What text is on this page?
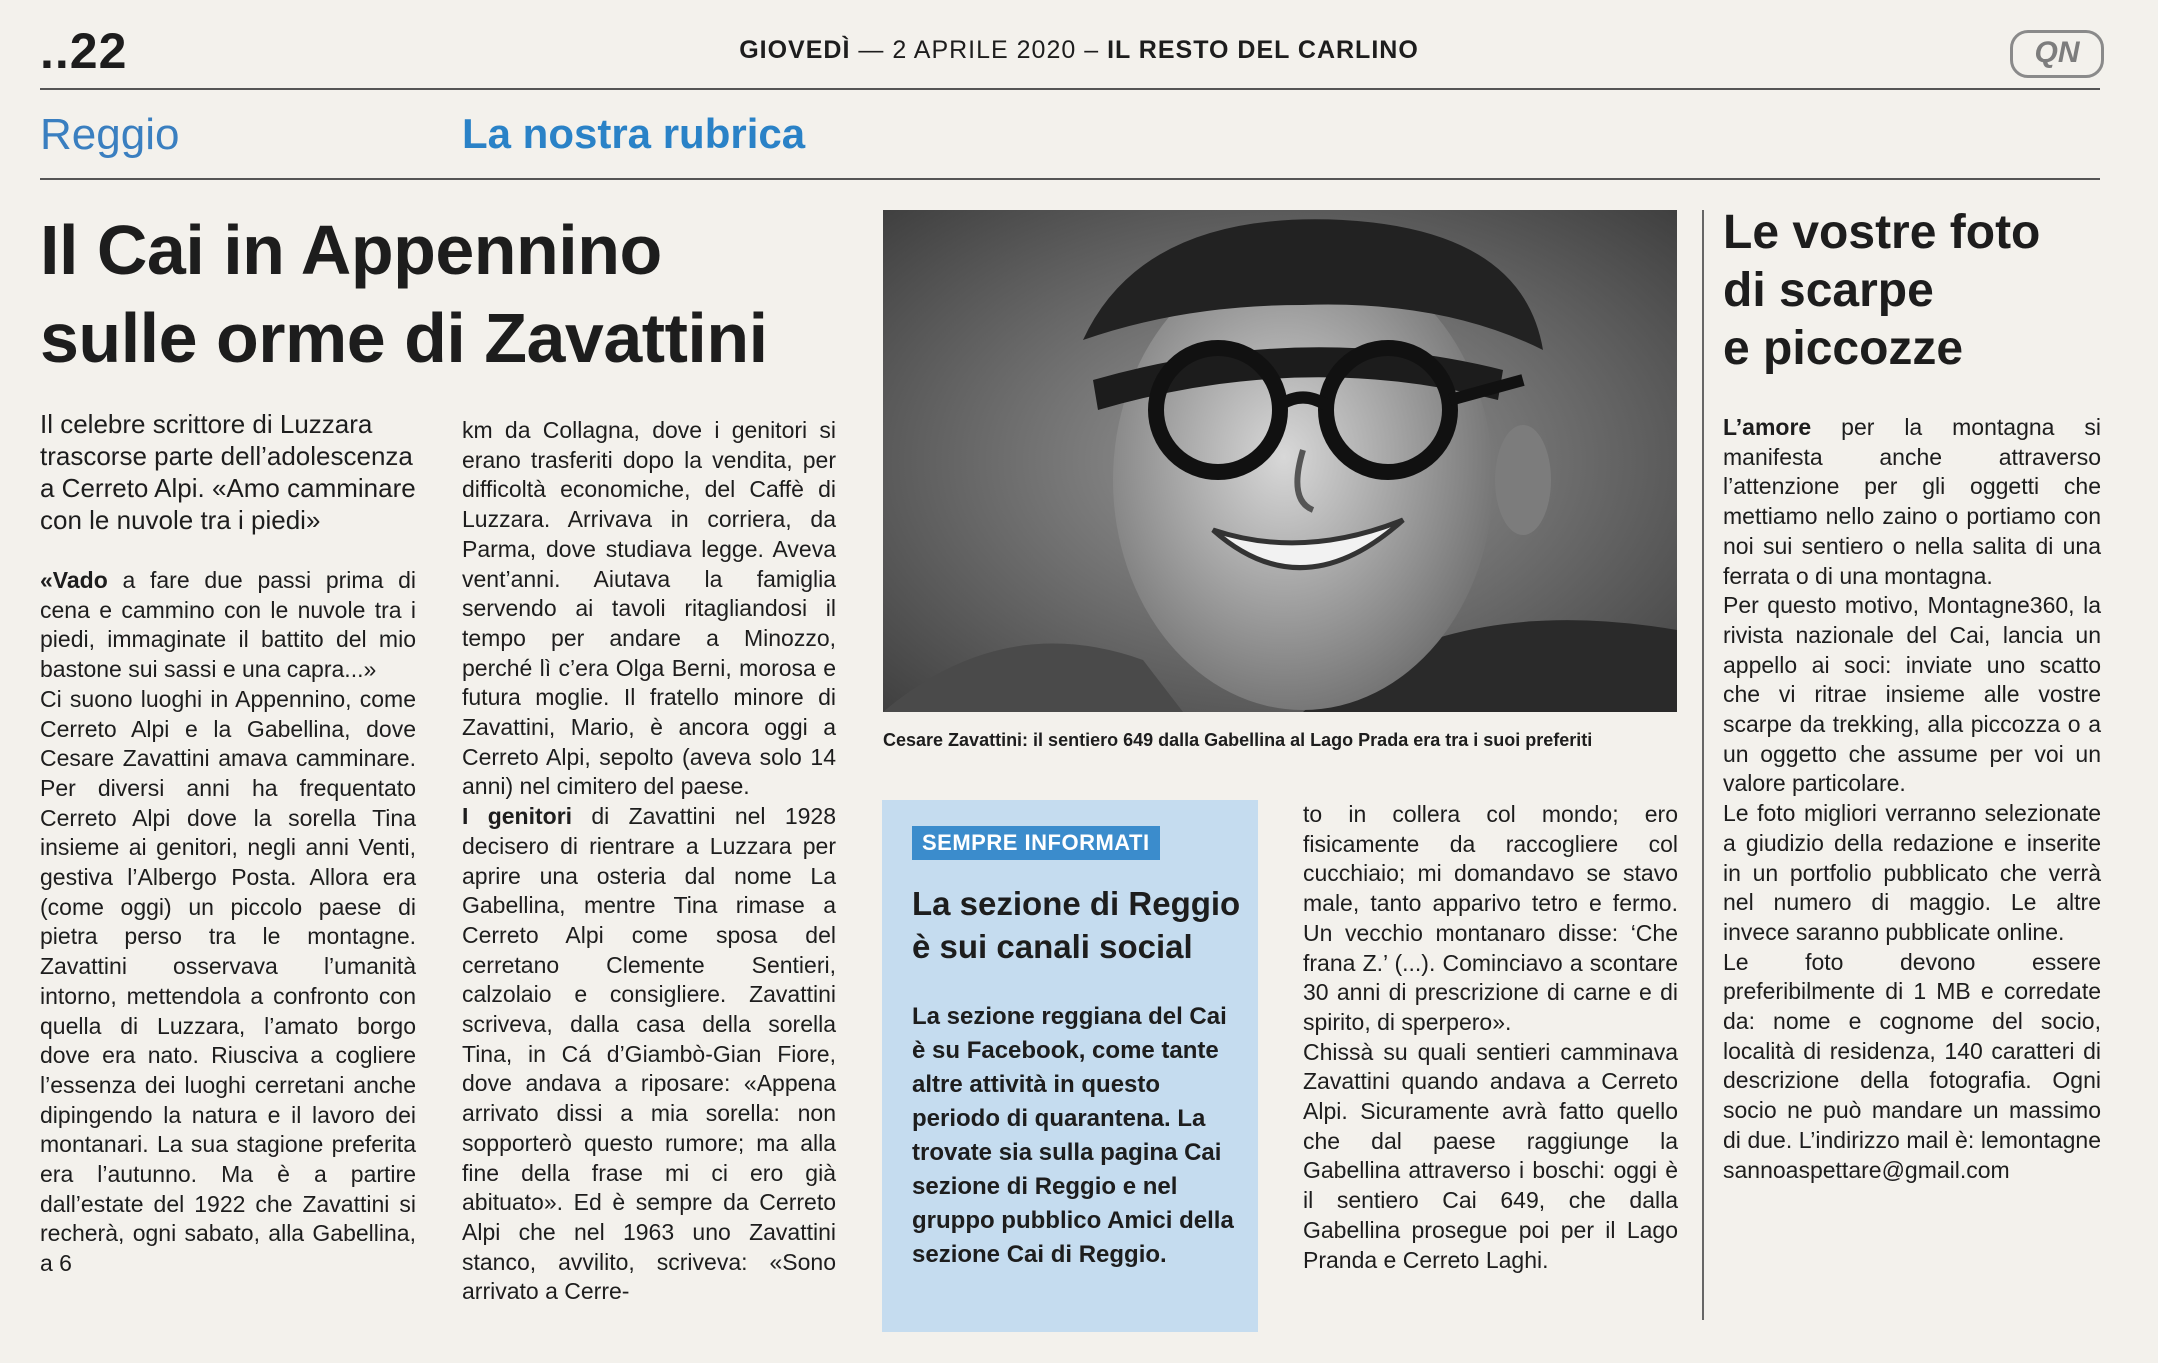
..22	GIOVEDÌ — 2 APRILE 2020 – IL RESTO DEL CARLINO	QN
Reggio	La nostra rubrica
Il Cai in Appennino
sulle orme di Zavattini
Il celebre scrittore di Luzzara trascorse parte dell’adolescenza a Cerreto Alpi. «Amo camminare con le nuvole tra i piedi»

«Vado a fare due passi prima di cena e cammino con le nuvole tra i piedi, immaginate il battito del mio bastone sui sassi e una capra...»

Ci suono luoghi in Appennino, come Cerreto Alpi e la Gabellina, dove Cesare Zavattini amava camminare. Per diversi anni ha frequentato Cerreto Alpi dove la sorella Tina insieme ai genitori, negli anni Venti, gestiva l’Albergo Posta. Allora era (come oggi) un piccolo paese di pietra perso tra le montagne. Zavattini osservava l’umanità intorno, mettendola a confronto con quella di Luzzara, l’amato borgo dove era nato. Riusciva a cogliere l’essenza dei luoghi cerretani anche dipingendo la natura e il lavoro dei montanari. La sua stagione preferita era l’autunno. Ma è a partire dall’estate del 1922 che Zavattini si recherà, ogni sabato, alla Gabellina, a 6

km da Collagna, dove i genitori si erano trasferiti dopo la vendita, per difficoltà economiche, del Caffè di Luzzara. Arrivava in corriera, da Parma, dove studiava legge. Aveva vent’anni. Aiutava la famiglia servendo ai tavoli ritagliandosi il tempo per andare a Minozzo, perché lì c’era Olga Berni, morosa e futura moglie. Il fratello minore di Zavattini, Mario, è ancora oggi a Cerreto Alpi, sepolto (aveva solo 14 anni) nel cimitero del paese.

I genitori di Zavattini nel 1928 decisero di rientrare a Luzzara per aprire una osteria dal nome La Gabellina, mentre Tina rimase a Cerreto Alpi come sposa del cerretano Clemente Sentieri, calzolaio e consigliere. Zavattini scriveva, dalla casa della sorella Tina, in Cá d’Giambò-Gian Fiore, dove andava a riposare: «Appena arrivato dissi a mia sorella: non sopporterò questo rumore; ma alla fine della frase mi ci ero già abituato». Ed è sempre da Cerreto Alpi che nel 1963 uno Zavattini stanco, avvilito, scriveva: «Sono arrivato a Cerre-

Cesare Zavattini: il sentiero 649 dalla Gabellina al Lago Prada era tra i suoi preferiti
SEMPRE INFORMATI
La sezione di Reggio
è sui canali social
La sezione reggiana del Cai è su Facebook, come tante altre attività in questo periodo di quarantena. La trovate sia sulla pagina Cai sezione di Reggio e nel gruppo pubblico Amici della sezione Cai di Reggio.

to in collera col mondo; ero fisicamente da raccogliere col cucchiaio; mi domandavo se stavo male, tanto apparivo tetro e fermo. Un vecchio montanaro disse: ‘Che frana Z.’ (...). Cominciavo a scontare 30 anni di prescrizione di carne e di spirito, di sperpero».

Chissà su quali sentieri camminava Zavattini quando andava a Cerreto Alpi. Sicuramente avrà fatto quello che dal paese raggiunge la Gabellina attraverso i boschi: oggi è il sentiero Cai 649, che dalla Gabellina prosegue poi per il Lago Pranda e Cerreto Laghi.

Le vostre foto
di scarpe
e piccozze

L’amore per la montagna si manifesta anche attraverso l’attenzione per gli oggetti che mettiamo nello zaino o portiamo con noi sui sentiero o nella salita di una ferrata o di una montagna.

Per questo motivo, Montagne360, la rivista nazionale del Cai, lancia un appello ai soci: inviate uno scatto che vi ritrae insieme alle vostre scarpe da trekking, alla piccozza o a un oggetto che assume per voi un valore particolare.

Le foto migliori verranno selezionate a giudizio della redazione e inserite in un portfolio pubblicato che verrà nel numero di maggio. Le altre invece saranno pubblicate online.

Le foto devono essere preferibilmente di 1 MB e corredate da: nome e cognome del socio, località di residenza, 140 caratteri di descrizione della fotografia. Ogni socio ne può mandare un massimo di due. L’indirizzo mail è: lemontagnesannoaspettare@gmail.com
